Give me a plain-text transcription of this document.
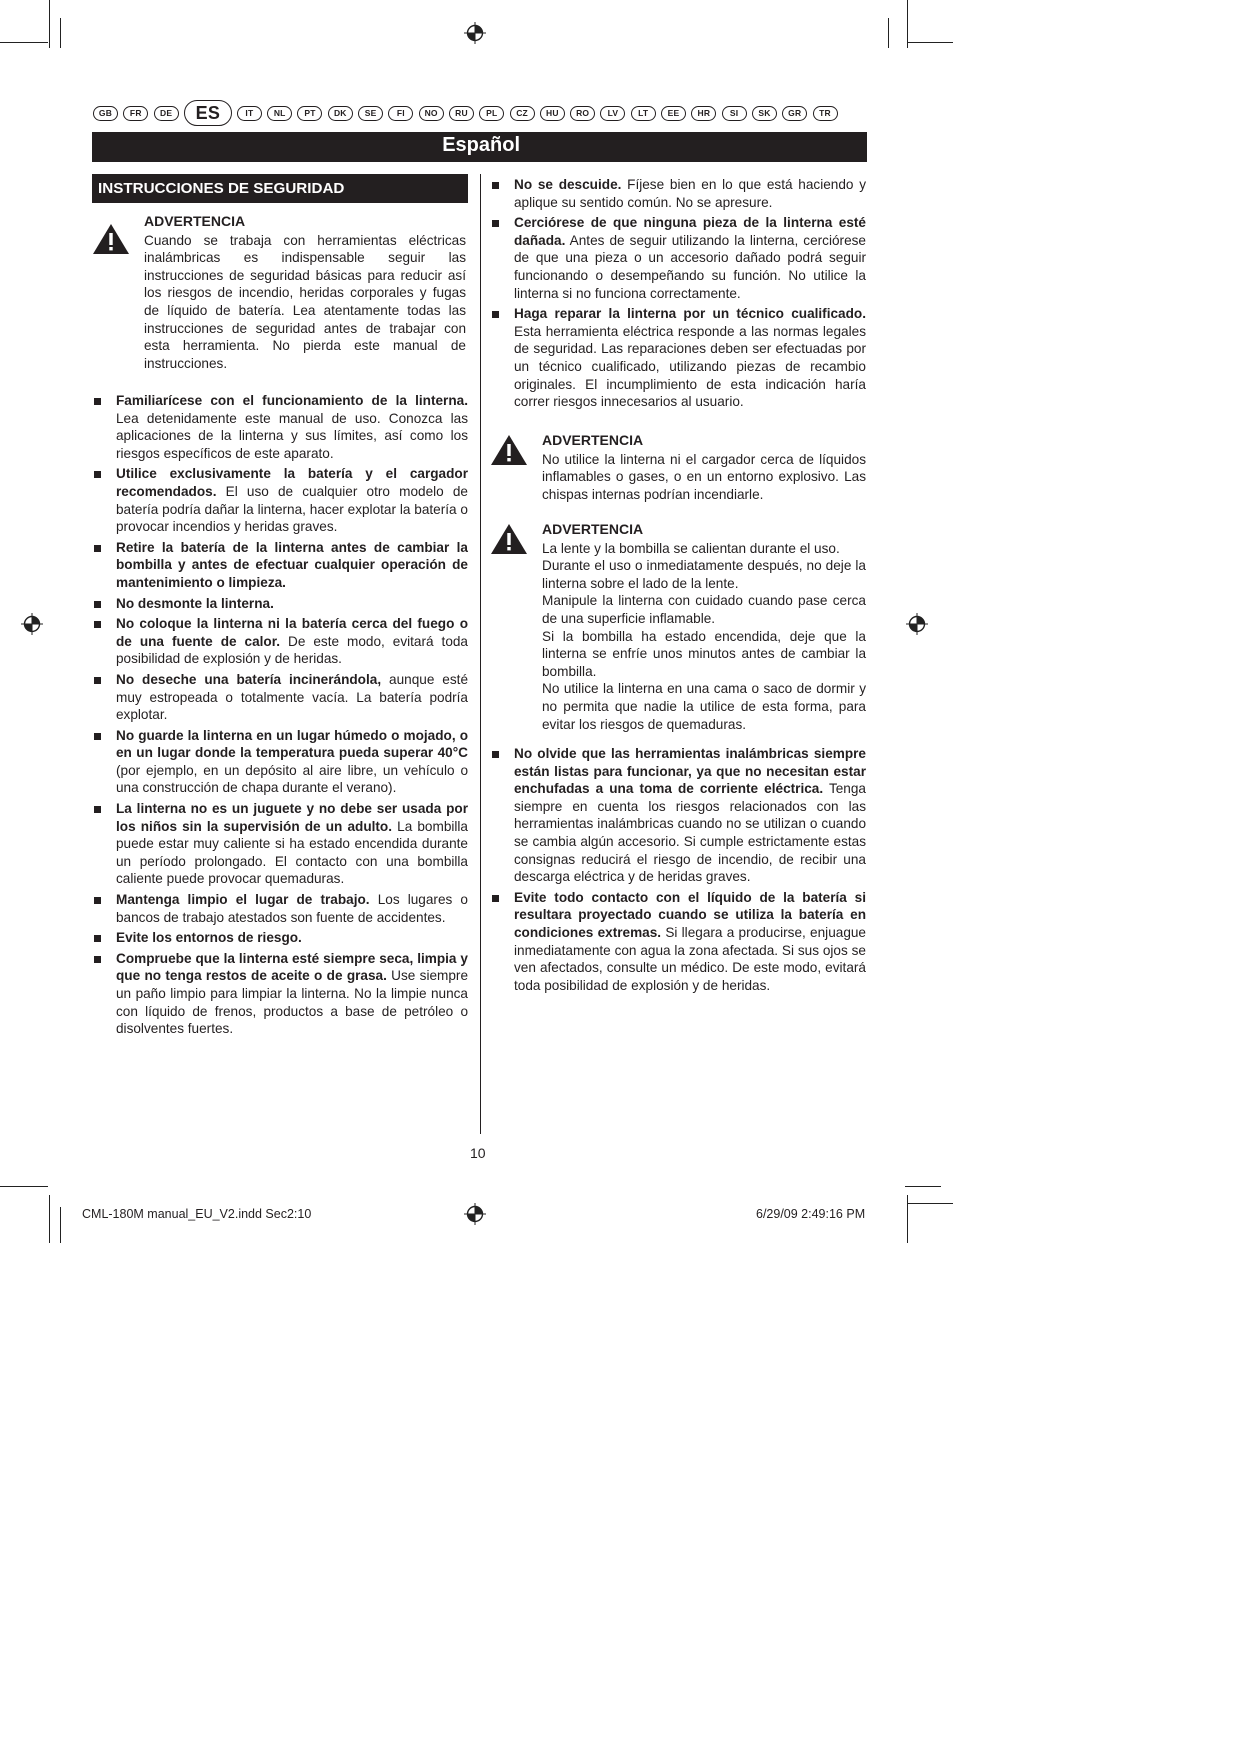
GB	FR	DE	ES	IT	NL	PT	DK	SE	FI	NO	RU	PL	CZ	HU	RO	LV	LT	EE	HR	SI	SK	GR	TR
Español
INSTRUCCIONES DE SEGURIDAD
ADVERTENCIA

Cuando se trabaja con herramientas eléctricas inalámbricas es indispensable seguir las instrucciones de seguridad básicas para reducir así los riesgos de incendio, heridas corporales y fugas de líquido de batería. Lea atentamente todas las instrucciones de seguridad antes de trabajar con esta herramienta. No pierda este manual de instrucciones.

Familiarícese con el funcionamiento de la linterna. Lea detenidamente este manual de uso. Conozca las aplicaciones de la linterna y sus límites, así como los riesgos específicos de este aparato.
Utilice exclusivamente la batería y el cargador recomendados. El uso de cualquier otro modelo de batería podría dañar la linterna, hacer explotar la batería o provocar incendios y heridas graves.
Retire la batería de la linterna antes de cambiar la bombilla y antes de efectuar cualquier operación de mantenimiento o limpieza.
No desmonte la linterna.
No coloque la linterna ni la batería cerca del fuego o de una fuente de calor. De este modo, evitará toda posibilidad de explosión y de heridas.
No deseche una batería incinerándola, aunque esté muy estropeada o totalmente vacía. La batería podría explotar.
No guarde la linterna en un lugar húmedo o mojado, o en un lugar donde la temperatura pueda superar 40°C (por ejemplo, en un depósito al aire libre, un vehículo o una construcción de chapa durante el verano).
La linterna no es un juguete y no debe ser usada por los niños sin la supervisión de un adulto. La bombilla puede estar muy caliente si ha estado encendida durante un período prolongado. El contacto con una bombilla caliente puede provocar quemaduras.
Mantenga limpio el lugar de trabajo. Los lugares o bancos de trabajo atestados son fuente de accidentes.
Evite los entornos de riesgo.
Compruebe que la linterna esté siempre seca, limpia y que no tenga restos de aceite o de grasa. Use siempre un paño limpio para limpiar la linterna. No la limpie nunca con líquido de frenos, productos a base de petróleo o disolventes fuertes.
No se descuide. Fíjese bien en lo que está haciendo y aplique su sentido común. No se apresure.
Cerciórese de que ninguna pieza de la linterna esté dañada. Antes de seguir utilizando la linterna, cerciórese de que una pieza o un accesorio dañado podrá seguir funcionando o desempeñando su función. No utilice la linterna si no funciona correctamente.
Haga reparar la linterna por un técnico cualificado. Esta herramienta eléctrica responde a las normas legales de seguridad. Las reparaciones deben ser efectuadas por un técnico cualificado, utilizando piezas de recambio originales. El incumplimiento de esta indicación haría correr riesgos innecesarios al usuario.
ADVERTENCIA

No utilice la linterna ni el cargador cerca de líquidos inflamables o gases, o en un entorno explosivo. Las chispas internas podrían incendiarle.

ADVERTENCIA

La lente y la bombilla se calientan durante el uso.

Durante el uso o inmediatamente después, no deje la linterna sobre el lado de la lente.

Manipule la linterna con cuidado cuando pase cerca de una superficie inflamable.

Si la bombilla ha estado encendida, deje que la linterna se enfríe unos minutos antes de cambiar la bombilla.

No utilice la linterna en una cama o saco de dormir y no permita que nadie la utilice de esta forma, para evitar los riesgos de quemaduras.

No olvide que las herramientas inalámbricas siempre están listas para funcionar, ya que no necesitan estar enchufadas a una toma de corriente eléctrica. Tenga siempre en cuenta los riesgos relacionados con las herramientas inalámbricas cuando no se utilizan o cuando se cambia algún accesorio. Si cumple estrictamente estas consignas reducirá el riesgo de incendio, de recibir una descarga eléctrica y de heridas graves.
Evite todo contacto con el líquido de la batería si resultara proyectado cuando se utiliza la batería en condiciones extremas. Si llegara a producirse, enjuague inmediatamente con agua la zona afectada. Si sus ojos se ven afectados, consulte un médico. De este modo, evitará toda posibilidad de explosión y de heridas.
10
CML-180M manual_EU_V2.indd Sec2:10	6/29/09 2:49:16 PM
